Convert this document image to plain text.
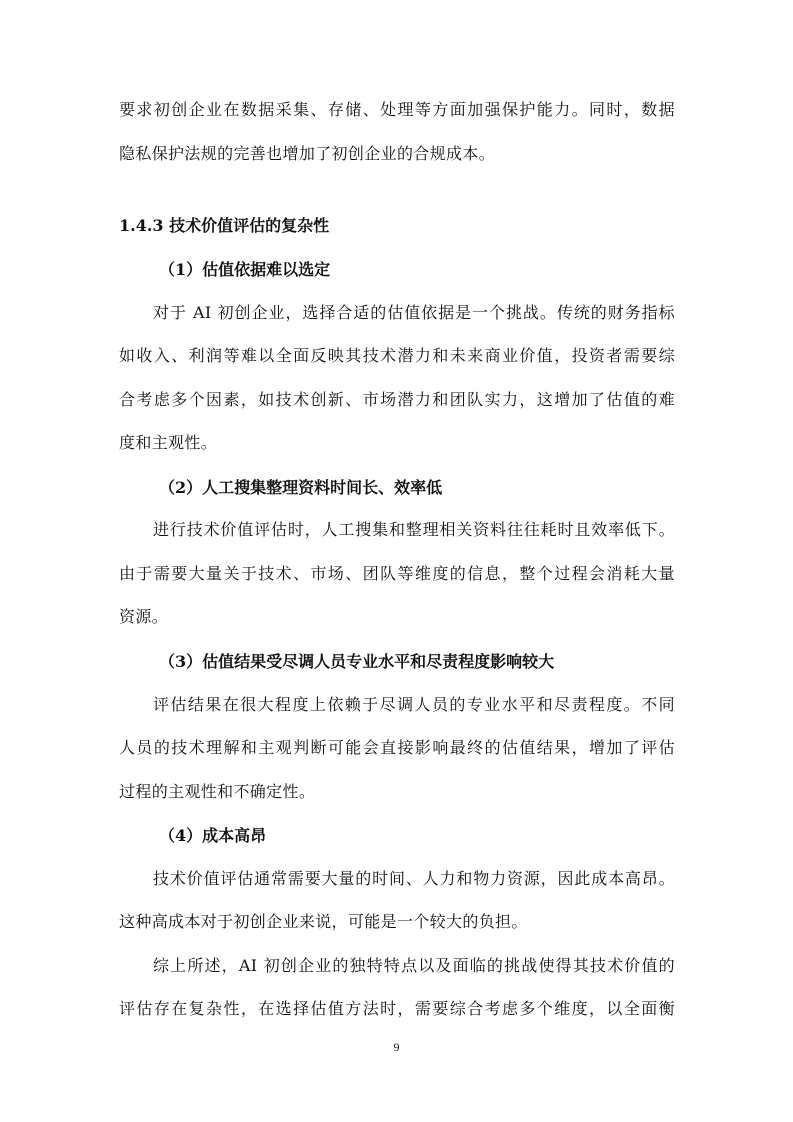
要求初创企业在数据采集、存储、处理等方面加强保护能力。同时，数据
隐私保护法规的完善也增加了初创企业的合规成本。
1.4.3 技术价值评估的复杂性
（1）估值依据难以选定
对于 AI 初创企业，选择合适的估值依据是一个挑战。传统的财务指标
如收入、利润等难以全面反映其技术潜力和未来商业价值，投资者需要综
合考虑多个因素，如技术创新、市场潜力和团队实力，这增加了估值的难
度和主观性。
（2）人工搜集整理资料时间长、效率低
进行技术价值评估时，人工搜集和整理相关资料往往耗时且效率低下。
由于需要大量关于技术、市场、团队等维度的信息，整个过程会消耗大量
资源。
（3）估值结果受尽调人员专业水平和尽责程度影响较大
评估结果在很大程度上依赖于尽调人员的专业水平和尽责程度。不同
人员的技术理解和主观判断可能会直接影响最终的估值结果，增加了评估
过程的主观性和不确定性。
（4）成本高昂
技术价值评估通常需要大量的时间、人力和物力资源，因此成本高昂。
这种高成本对于初创企业来说，可能是一个较大的负担。
综上所述，AI 初创企业的独特特点以及面临的挑战使得其技术价值的
评估存在复杂性，在选择估值方法时，需要综合考虑多个维度，以全面衡
9
